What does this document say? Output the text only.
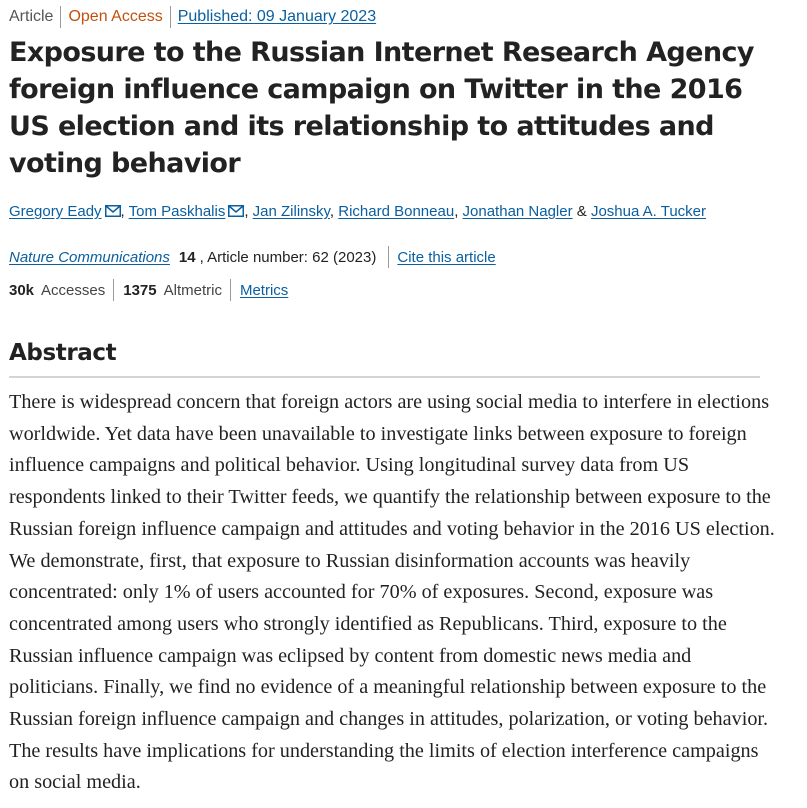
Article Open Access Published: 09 January 2023
Exposure to the Russian Internet Research Agency foreign influence campaign on Twitter in the 2016 US election and its relationship to attitudes and voting behavior
Gregory Eady , Tom Paskhalis , Jan Zilinsky, Richard Bonneau, Jonathan Nagler & Joshua A. Tucker
Nature Communications 14 , Article number: 62 (2023) Cite this article
30k Accesses 1375 Altmetric Metrics
Abstract

There is widespread concern that foreign actors are using social media to interfere in elections worldwide. Yet data have been unavailable to investigate links between exposure to foreign influence campaigns and political behavior. Using longitudinal survey data from US respondents linked to their Twitter feeds, we quantify the relationship between exposure to the Russian foreign influence campaign and attitudes and voting behavior in the 2016 US election. We demonstrate, first, that exposure to Russian disinformation accounts was heavily concentrated: only 1% of users accounted for 70% of exposures. Second, exposure was concentrated among users who strongly identified as Republicans. Third, exposure to the Russian influence campaign was eclipsed by content from domestic news media and politicians. Finally, we find no evidence of a meaningful relationship between exposure to the Russian foreign influence campaign and changes in attitudes, polarization, or voting behavior. The results have implications for understanding the limits of election interference campaigns on social media.
